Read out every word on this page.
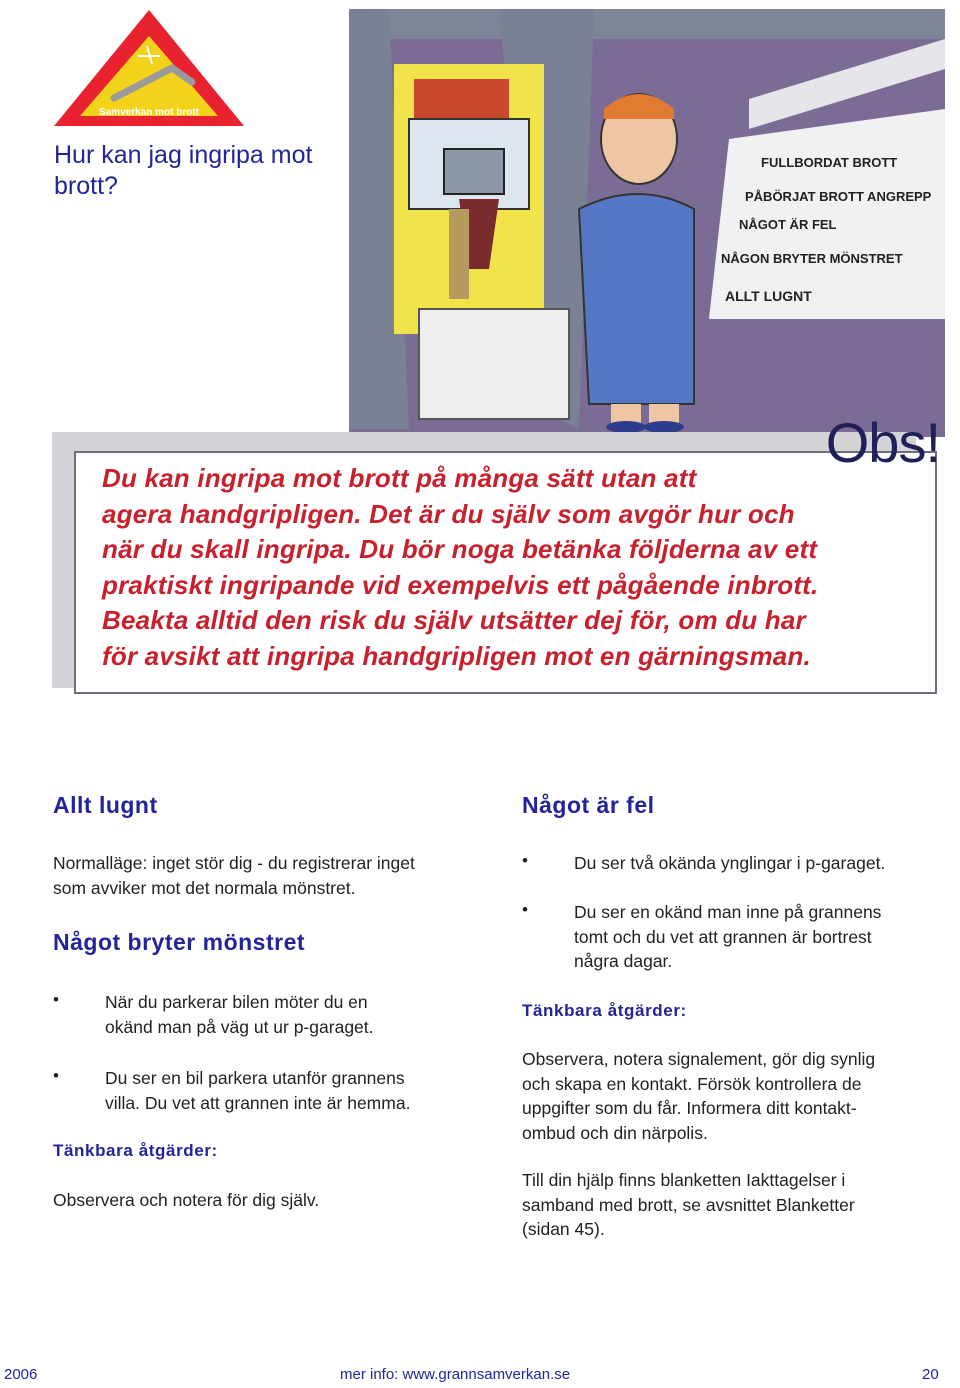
Samverkan mot brott
Hur kan jag ingripa mot brott?
FULLBORDAT BROTT
PÅBÖRJAT BROTT ANGREPP
NÅGOT ÄR FEL
NÅGON BRYTER MÖNSTRET
ALLT LUGNT
Obs!
Du kan ingripa mot brott på många sätt utan att
agera handgripligen. Det är du själv som avgör hur och
när du skall ingripa. Du bör noga betänka följderna av ett
praktiskt ingripande vid exempelvis ett pågående inbrott.
Beakta alltid den risk du själv utsätter dej för, om du har
för avsikt att ingripa handgripligen mot en gärningsman.
Allt lugnt
Normalläge: inget stör dig - du registrerar inget
som avviker mot det normala mönstret.
Något bryter mönstret
•	När du parkerar bilen möter du en
okänd man på väg ut ur p-garaget.
•	Du ser en bil parkera utanför grannens
villa. Du vet att grannen inte är hemma.
Tänkbara åtgärder:
Observera och notera för dig själv.
Något är fel
•	Du ser två okända ynglingar i p-garaget.
•	Du ser en okänd man inne på grannens
tomt och du vet att grannen är bortrest
några dagar.
Tänkbara åtgärder:
Observera, notera signalement, gör dig synlig
och skapa en kontakt. Försök kontrollera de
uppgifter som du får. Informera ditt kontakt-
ombud och din närpolis.
Till din hjälp finns blanketten Iakttagelser i
samband med brott, se avsnittet Blanketter
(sidan 45).
2006	mer info: www.grannsamverkan.se	20
